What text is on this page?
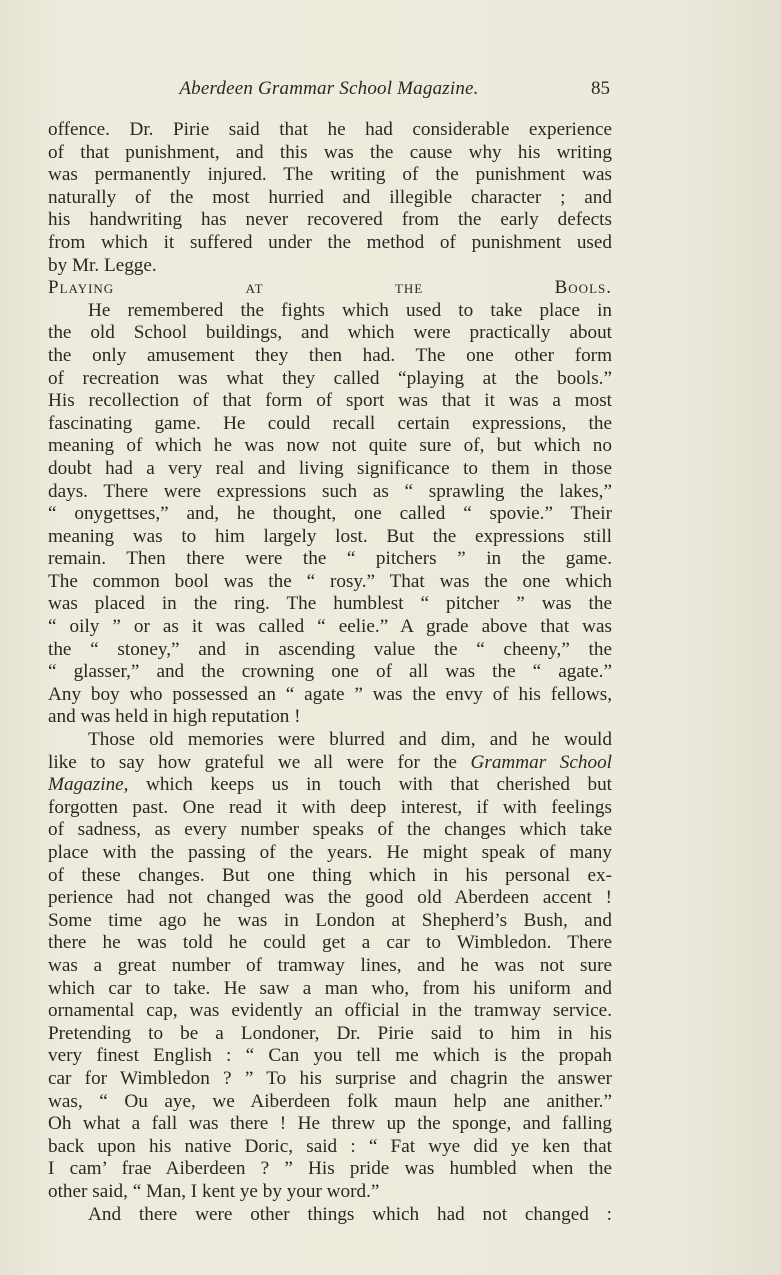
Aberdeen Grammar School Magazine.	85

offence. Dr. Pirie said that he had considerable experience

of that punishment, and this was the cause why his writing

was permanently injured. The writing of the punishment was

naturally of the most hurried and illegible character ; and

his handwriting has never recovered from the early defects

from which it suffered under the method of punishment used

by Mr. Legge.

Playing at the Bools.

He remembered the fights which used to take place in

the old School buildings, and which were practically about

the only amusement they then had. The one other form

of recreation was what they called “playing at the bools.”

His recollection of that form of sport was that it was a most

fascinating game. He could recall certain expressions, the

meaning of which he was now not quite sure of, but which no

doubt had a very real and living significance to them in those

days. There were expressions such as “ sprawling the lakes,”

“ onygettses,” and, he thought, one called “ spovie.” Their

meaning was to him largely lost. But the expressions still

remain. Then there were the “ pitchers ” in the game.

The common bool was the “ rosy.” That was the one which

was placed in the ring. The humblest “ pitcher ” was the

“ oily ” or as it was called “ eelie.” A grade above that was

the “ stoney,” and in ascending value the “ cheeny,” the

“ glasser,” and the crowning one of all was the “ agate.”

Any boy who possessed an “ agate ” was the envy of his fellows,

and was held in high reputation !

Those old memories were blurred and dim, and he would

like to say how grateful we all were for the Grammar School

Magazine, which keeps us in touch with that cherished but

forgotten past. One read it with deep interest, if with feelings

of sadness, as every number speaks of the changes which take

place with the passing of the years. He might speak of many

of these changes. But one thing which in his personal ex-

perience had not changed was the good old Aberdeen accent !

Some time ago he was in London at Shepherd’s Bush, and

there he was told he could get a car to Wimbledon. There

was a great number of tramway lines, and he was not sure

which car to take. He saw a man who, from his uniform and

ornamental cap, was evidently an official in the tramway service.

Pretending to be a Londoner, Dr. Pirie said to him in his

very finest English : “ Can you tell me which is the propah

car for Wimbledon ? ” To his surprise and chagrin the answer

was, “ Ou aye, we Aiberdeen folk maun help ane anither.”

Oh what a fall was there ! He threw up the sponge, and falling

back upon his native Doric, said : “ Fat wye did ye ken that

I cam’ frae Aiberdeen ? ” His pride was humbled when the

other said, “ Man, I kent ye by your word.”

And there were other things which had not changed :
